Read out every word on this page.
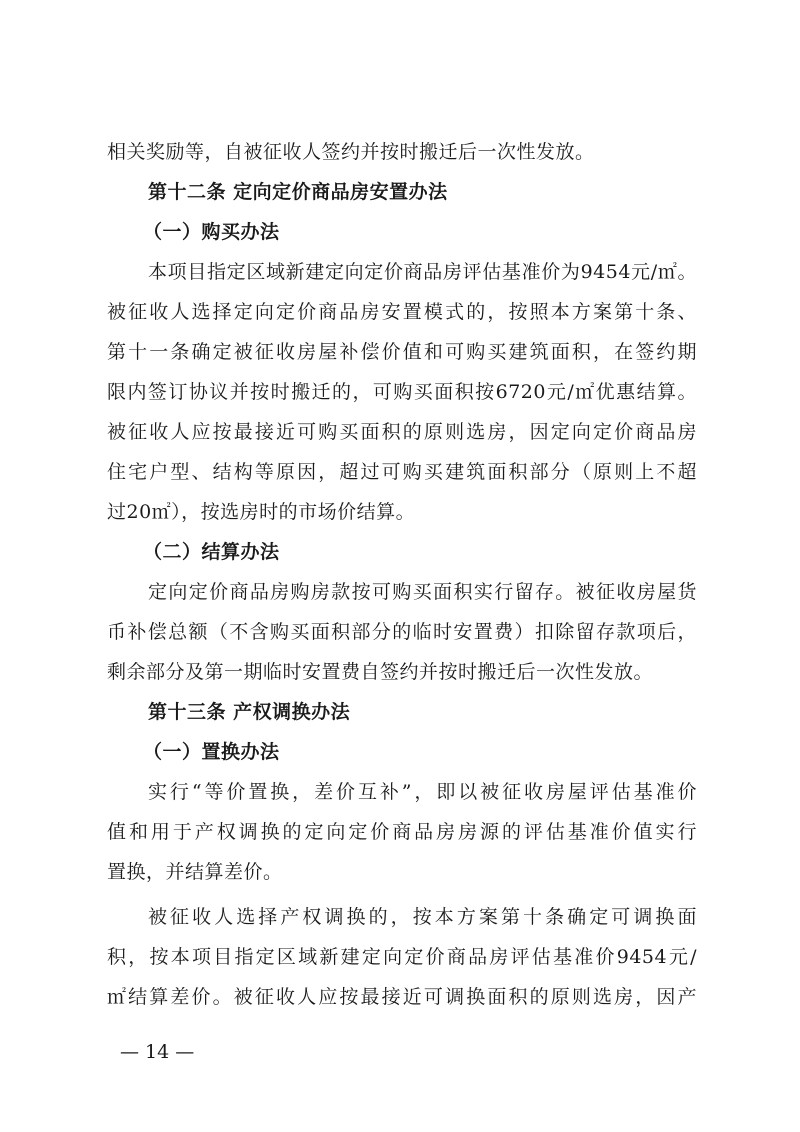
相关奖励等，自被征收人签约并按时搬迁后一次性发放。
第十二条 定向定价商品房安置办法
（一）购买办法
本项目指定区域新建定向定价商品房评估基准价为9454元/㎡。
被征收人选择定向定价商品房安置模式的，按照本方案第十条、
第十一条确定被征收房屋补偿价值和可购买建筑面积，在签约期
限内签订协议并按时搬迁的，可购买面积按6720元/㎡优惠结算。
被征收人应按最接近可购买面积的原则选房，因定向定价商品房
住宅户型、结构等原因，超过可购买建筑面积部分（原则上不超
过20㎡），按选房时的市场价结算。
（二）结算办法
定向定价商品房购房款按可购买面积实行留存。被征收房屋货
币补偿总额（不含购买面积部分的临时安置费）扣除留存款项后，
剩余部分及第一期临时安置费自签约并按时搬迁后一次性发放。
第十三条 产权调换办法
（一）置换办法
实行“等价置换，差价互补”，即以被征收房屋评估基准价
值和用于产权调换的定向定价商品房房源的评估基准价值实行
置换，并结算差价。
被征收人选择产权调换的，按本方案第十条确定可调换面
积，按本项目指定区域新建定向定价商品房评估基准价9454元/
㎡结算差价。被征收人应按最接近可调换面积的原则选房，因产
— 14 —
